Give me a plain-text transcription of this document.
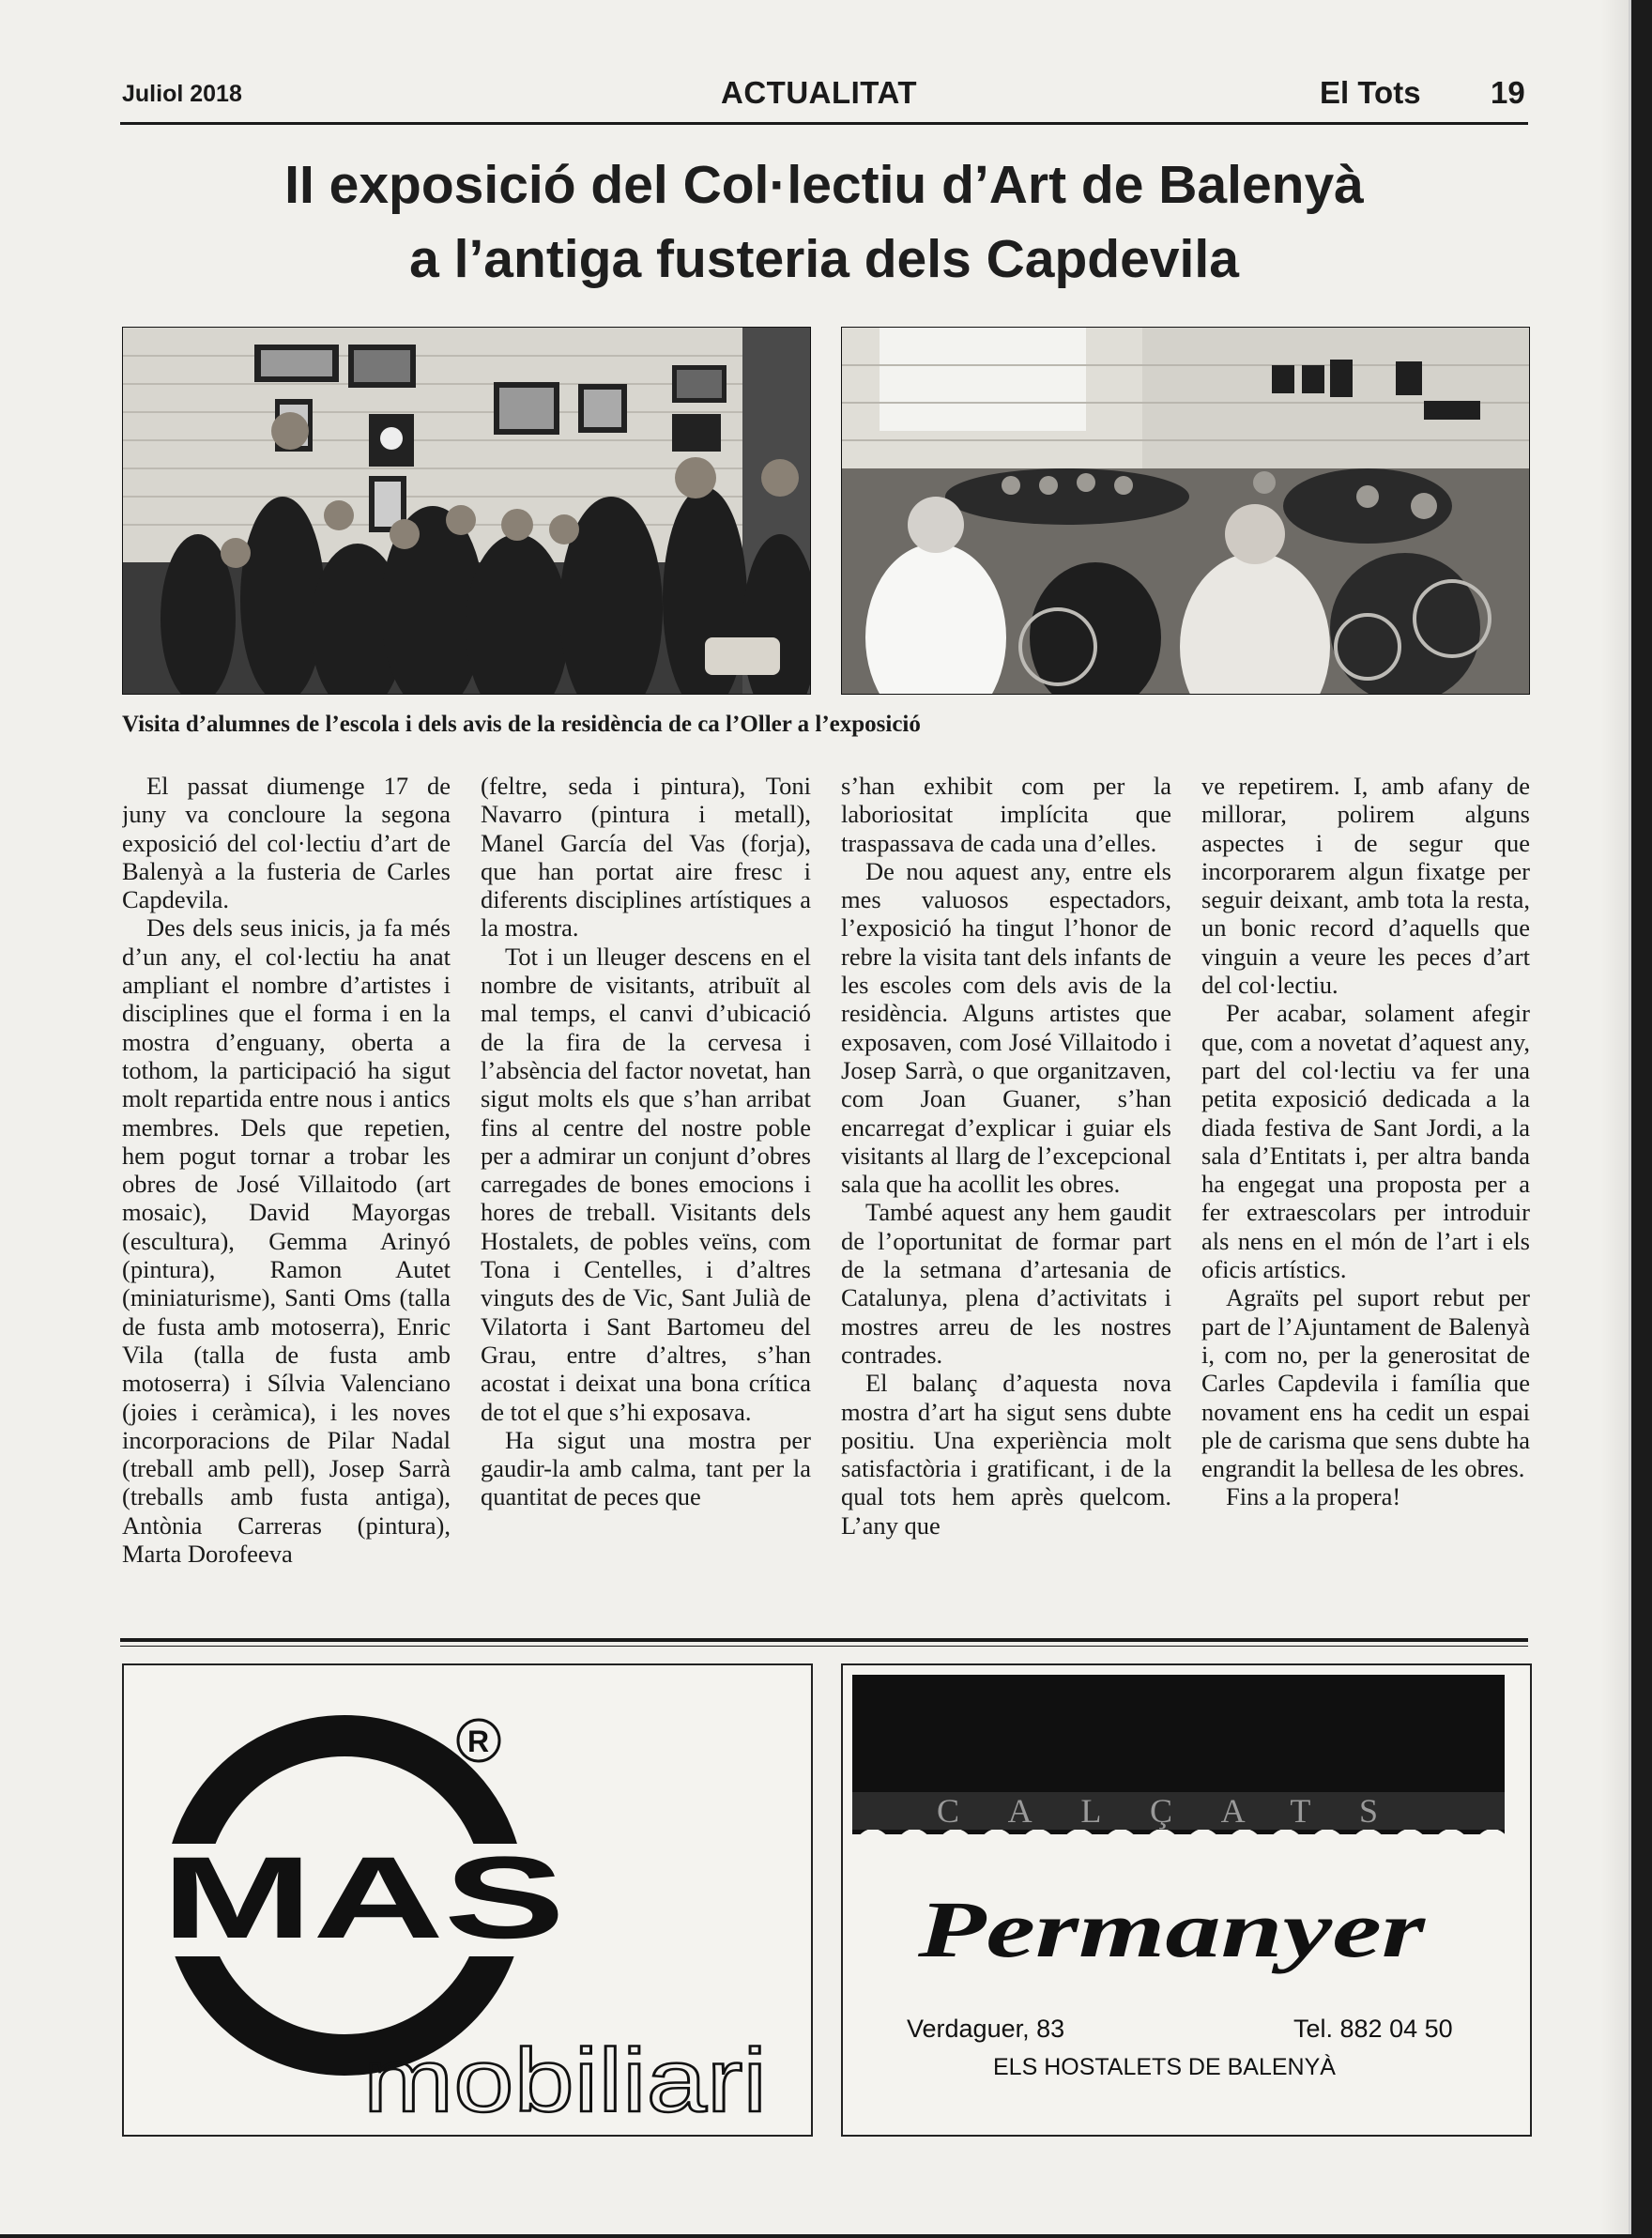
Juliol 2018	ACTUALITAT	El Tots 19
II exposició del Col·lectiu d’Art de Balenyà
a l’antiga fusteria dels Capdevila
Visita d’alumnes de l’escola i dels avis de la residència de ca l’Oller a l’exposició

El passat diumenge 17 de juny va concloure la segona exposició del col·lectiu d’art de Balenyà a la fusteria de Carles Capdevila.

Des dels seus inicis, ja fa més d’un any, el col·lectiu ha anat ampliant el nombre d’artistes i disciplines que el forma i en la mostra d’enguany, oberta a tothom, la participació ha sigut molt repartida entre nous i antics membres. Dels que repetien, hem pogut tornar a trobar les obres de José Villaitodo (art mosaic), David Mayorgas (escultura), Gemma Arinyó (pintura), Ramon Autet (miniaturisme), Santi Oms (talla de fusta amb motoserra), Enric Vila (talla de fusta amb motoserra) i Sílvia Valenciano (joies i ceràmica), i les noves incorporacions de Pilar Nadal (treball amb pell), Josep Sarrà (treballs amb fusta antiga), Antònia Carreras (pintura), Marta Dorofeeva

(feltre, seda i pintura), Toni Navarro (pintura i metall), Manel García del Vas (forja), que han portat aire fresc i diferents disciplines artístiques a la mostra.

Tot i un lleuger descens en el nombre de visitants, atribuït al mal temps, el canvi d’ubicació de la fira de la cervesa i l’absència del factor novetat, han sigut molts els que s’han arribat fins al centre del nostre poble per a admirar un conjunt d’obres carregades de bones emocions i hores de treball. Visitants dels Hostalets, de pobles veïns, com Tona i Centelles, i d’altres vinguts des de Vic, Sant Julià de Vilatorta i Sant Bartomeu del Grau, entre d’altres, s’han acostat i deixat una bona crítica de tot el que s’hi exposava.

Ha sigut una mostra per gaudir-la amb calma, tant per la quantitat de peces que

s’han exhibit com per la laboriositat implícita que traspassava de cada una d’elles.

De nou aquest any, entre els mes valuosos espectadors, l’exposició ha tingut l’honor de rebre la visita tant dels infants de les escoles com dels avis de la residència. Alguns artistes que exposaven, com José Villaitodo i Josep Sarrà, o que organitzaven, com Joan Guaner, s’han encarregat d’explicar i guiar els visitants al llarg de l’excepcional sala que ha acollit les obres.

També aquest any hem gaudit de l’oportunitat de formar part de la setmana d’artesania de Catalunya, plena d’activitats i mostres arreu de les nostres contrades.

El balanç d’aquesta nova mostra d’art ha sigut sens dubte positiu. Una experiència molt satisfactòria i gratificant, i de la qual tots hem après quelcom. L’any que

ve repetirem. I, amb afany de millorar, polirem alguns aspectes i de segur que incorporarem algun fixatge per seguir deixant, amb tota la resta, un bonic record d’aquells que vinguin a veure les peces d’art del col·lectiu.

Per acabar, solament afegir que, com a novetat d’aquest any, part del col·lectiu va fer una petita exposició dedicada a la diada festiva de Sant Jordi, a la sala d’Entitats i, per altra banda ha engegat una proposta per a fer extraescolars per introduir als nens en el món de l’art i els oficis artístics.

Agraïts pel suport rebut per part de l’Ajuntament de Balenyà i, com no, per la generositat de Carles Capdevila i família que novament ens ha cedit un espai ple de carisma que sens dubte ha engrandit la bellesa de les obres.

Fins a la propera!

MAS
R
mobiliari
CALÇATS
Permanyer
Verdaguer, 83	Tel. 882 04 50
ELS HOSTALETS DE BALENYÀ
